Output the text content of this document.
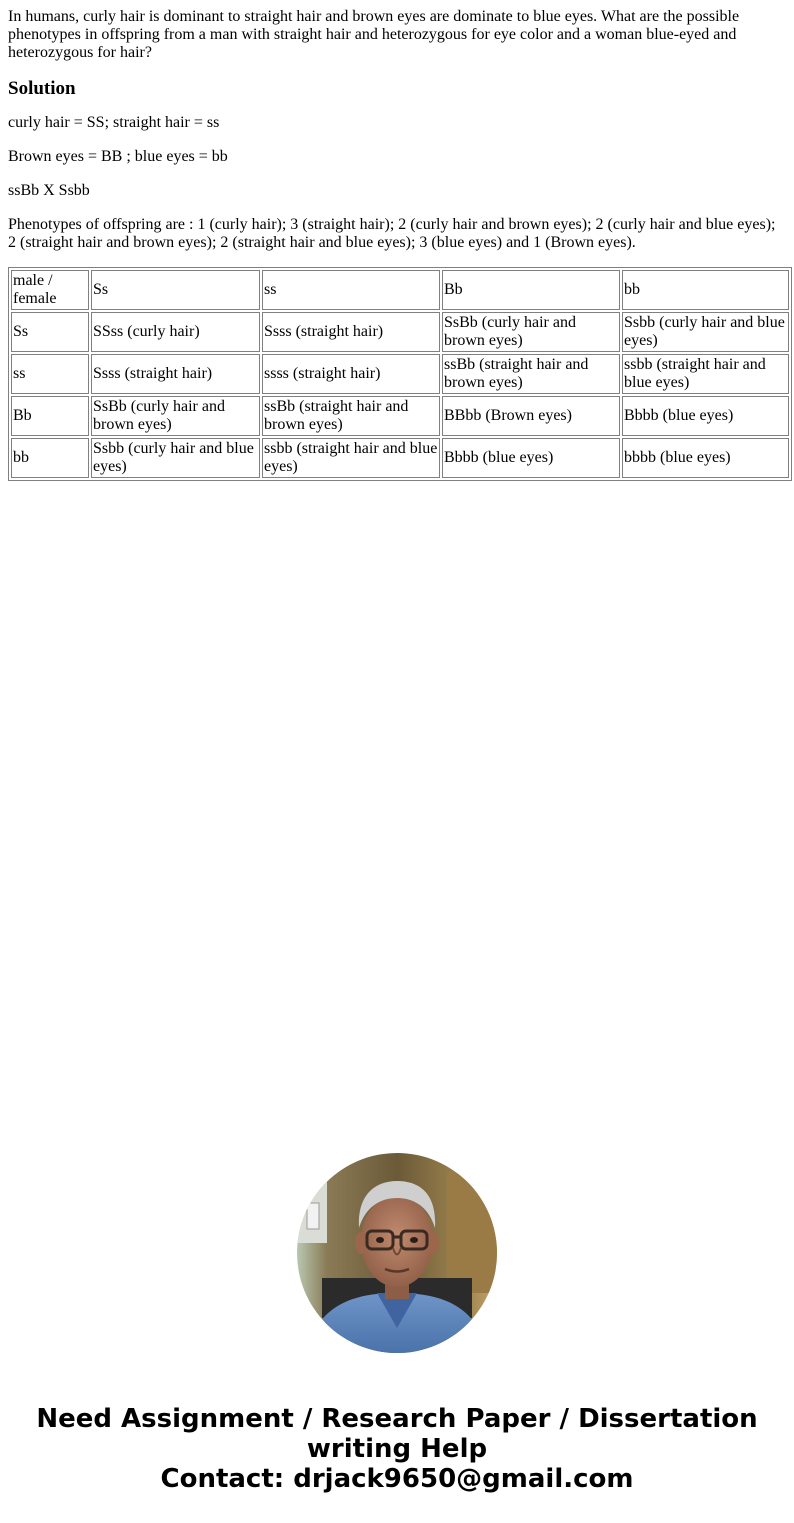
In humans, curly hair is dominant to straight hair and brown eyes are dominate to blue eyes. What are the possible phenotypes in offspring from a man with straight hair and heterozygous for eye color and a woman blue-eyed and heterozygous for hair?

Solution

curly hair = SS; straight hair = ss

Brown eyes = BB ; blue eyes = bb

ssBb X Ssbb

Phenotypes of offspring are : 1 (curly hair); 3 (straight hair); 2 (curly hair and brown eyes); 2 (curly hair and blue eyes); 2 (straight hair and brown eyes); 2 (straight hair and blue eyes); 3 (blue eyes) and 1 (Brown eyes).

male / female	Ss	ss	Bb	bb
Ss	SSss (curly hair)	Ssss (straight hair)	SsBb (curly hair and brown eyes)	Ssbb (curly hair and blue eyes)
ss	Ssss (straight hair)	ssss (straight hair)	ssBb (straight hair and brown eyes)	ssbb (straight hair and blue eyes)
Bb	SsBb (curly hair and brown eyes)	ssBb (straight hair and brown eyes)	BBbb (Brown eyes)	Bbbb (blue eyes)
bb	Ssbb (curly hair and blue eyes)	ssbb (straight hair and blue eyes)	Bbbb (blue eyes)	bbbb (blue eyes)
Need Assignment / Research Paper / Dissertation writing Help
Contact: drjack9650@gmail.com
